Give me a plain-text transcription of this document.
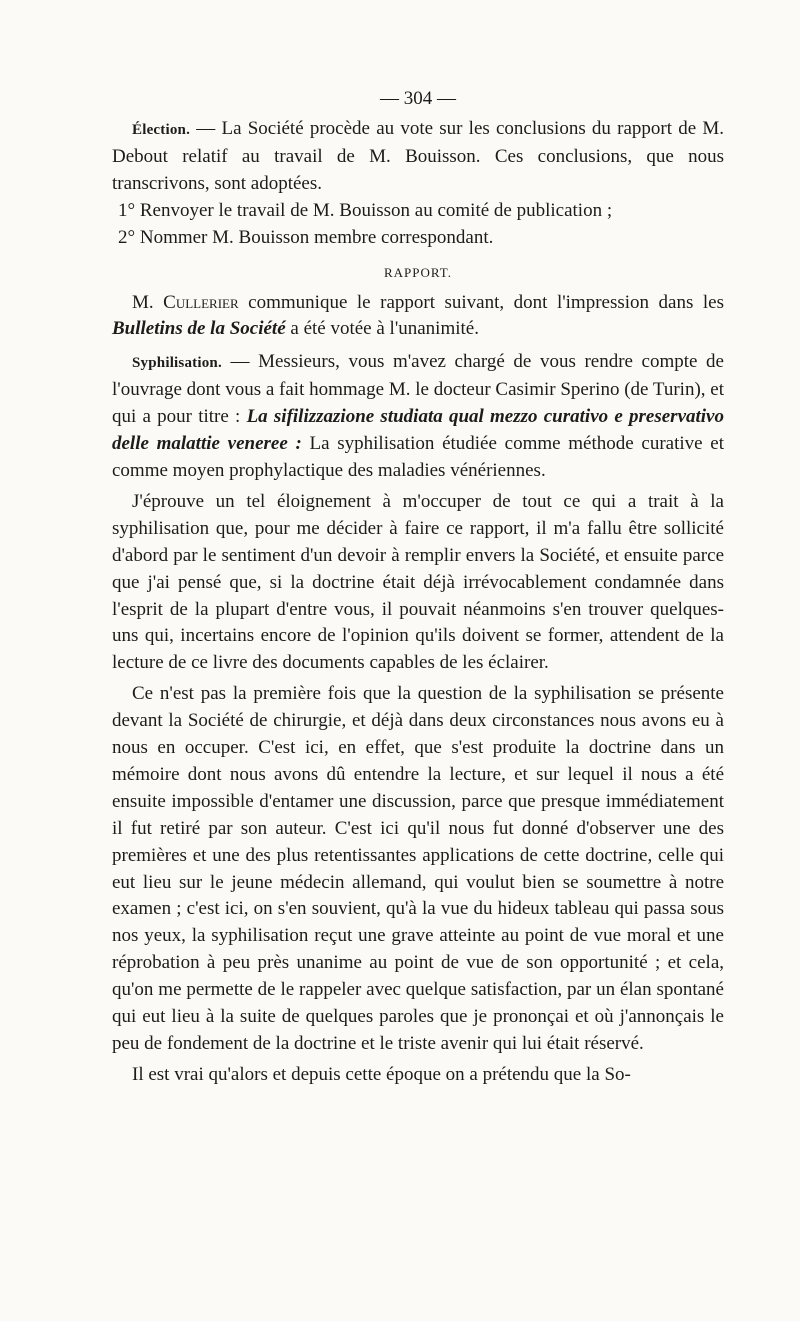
— 304 —

Élection. — La Société procède au vote sur les conclusions du rapport de M. Debout relatif au travail de M. Bouisson. Ces conclusions, que nous transcrivons, sont adoptées.

1° Renvoyer le travail de M. Bouisson au comité de publication ;

2° Nommer M. Bouisson membre correspondant.

RAPPORT.

M. Cullerier communique le rapport suivant, dont l'impression dans les Bulletins de la Société a été votée à l'unanimité.

Syphilisation. — Messieurs, vous m'avez chargé de vous rendre compte de l'ouvrage dont vous a fait hommage M. le docteur Casimir Sperino (de Turin), et qui a pour titre : La sifilizzazione studiata qual mezzo curativo e preservativo delle malattie veneree : La syphilisation étudiée comme méthode curative et comme moyen prophylactique des maladies vénériennes.

J'éprouve un tel éloignement à m'occuper de tout ce qui a trait à la syphilisation que, pour me décider à faire ce rapport, il m'a fallu être sollicité d'abord par le sentiment d'un devoir à remplir envers la Société, et ensuite parce que j'ai pensé que, si la doctrine était déjà irrévocablement condamnée dans l'esprit de la plupart d'entre vous, il pouvait néanmoins s'en trouver quelques-uns qui, incertains encore de l'opinion qu'ils doivent se former, attendent de la lecture de ce livre des documents capables de les éclairer.

Ce n'est pas la première fois que la question de la syphilisation se présente devant la Société de chirurgie, et déjà dans deux circonstances nous avons eu à nous en occuper. C'est ici, en effet, que s'est produite la doctrine dans un mémoire dont nous avons dû entendre la lecture, et sur lequel il nous a été ensuite impossible d'entamer une discussion, parce que presque immédiatement il fut retiré par son auteur. C'est ici qu'il nous fut donné d'observer une des premières et une des plus retentissantes applications de cette doctrine, celle qui eut lieu sur le jeune médecin allemand, qui voulut bien se soumettre à notre examen ; c'est ici, on s'en souvient, qu'à la vue du hideux tableau qui passa sous nos yeux, la syphilisation reçut une grave atteinte au point de vue moral et une réprobation à peu près unanime au point de vue de son opportunité ; et cela, qu'on me permette de le rappeler avec quelque satisfaction, par un élan spontané qui eut lieu à la suite de quelques paroles que je prononçai et où j'annonçais le peu de fondement de la doctrine et le triste avenir qui lui était réservé.

Il est vrai qu'alors et depuis cette époque on a prétendu que la So-
